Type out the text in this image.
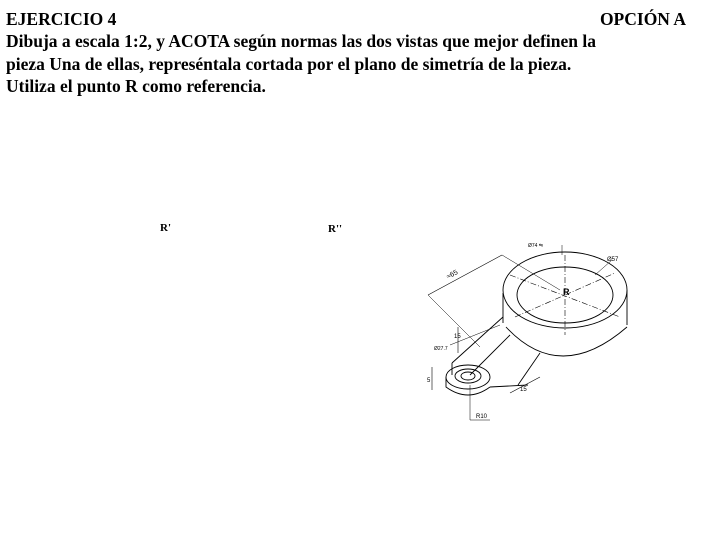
EJERCICIO 4	OPCIÓN A
Dibuja a escala 1:2, y ACOTA según normas las dos vistas que mejor definen la
pieza Una de ellas, represéntala cortada por el plano de simetría de la pieza.
Utiliza el punto R como referencia.
R'	R''
R
≈65
Ø74 ⇋
Ø57
15
Ø27.7
5
15
R10
